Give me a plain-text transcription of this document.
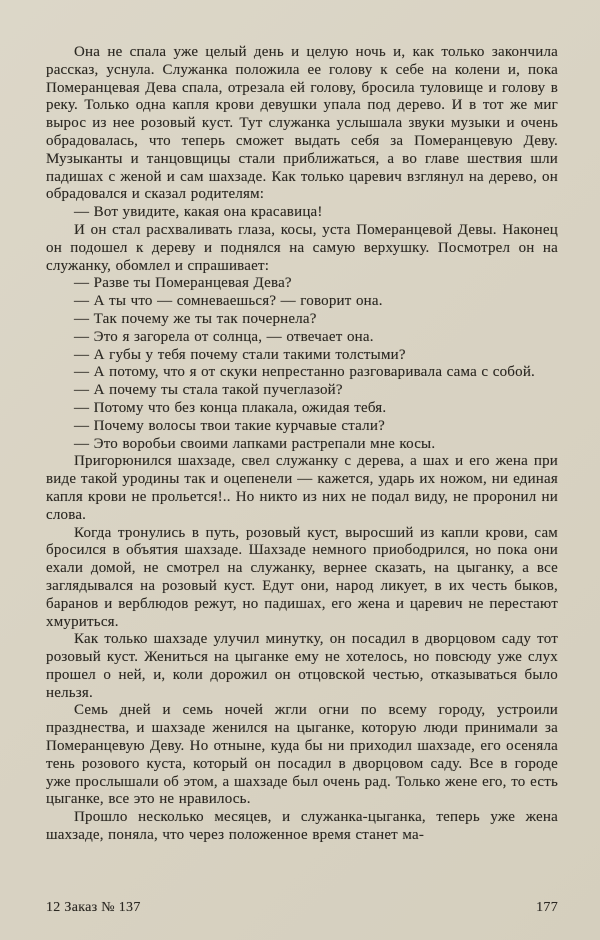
Она не спала уже целый день и целую ночь и, как только закончила рассказ, уснула. Служанка положила ее голову к себе на колени и, пока Померанцевая Дева спала, отрезала ей голову, бросила туловище и голову в реку. Только одна капля крови девушки упала под дерево. И в тот же миг вырос из нее розовый куст. Тут служанка услышала звуки музыки и очень обрадовалась, что теперь сможет выдать себя за Померанцевую Деву. Музыканты и танцовщицы стали приближаться, а во главе шествия шли падишах с женой и сам шахзаде. Как только царевич взглянул на дерево, он обрадовался и сказал родителям:

— Вот увидите, какая она красавица!

И он стал расхваливать глаза, косы, уста Померанцевой Девы. Наконец он подошел к дереву и поднялся на самую верхушку. Посмотрел он на служанку, обомлел и спрашивает:

— Разве ты Померанцевая Дева?

— А ты что — сомневаешься? — говорит она.

— Так почему же ты так почернела?

— Это я загорела от солнца, — отвечает она.

— А губы у тебя почему стали такими толстыми?

— А потому, что я от скуки непрестанно разговаривала сама с собой.

— А почему ты стала такой пучеглазой?

— Потому что без конца плакала, ожидая тебя.

— Почему волосы твои такие курчавые стали?

— Это воробьи своими лапками растрепали мне косы.

Пригорюнился шахзаде, свел служанку с дерева, а шах и его жена при виде такой уродины так и оцепенели — кажется, ударь их ножом, ни единая капля крови не прольется!.. Но никто из них не подал виду, не проронил ни слова.

Когда тронулись в путь, розовый куст, выросший из капли крови, сам бросился в объятия шахзаде. Шахзаде немного приободрился, но пока они ехали домой, не смотрел на служанку, вернее сказать, на цыганку, а все заглядывался на розовый куст. Едут они, народ ликует, в их честь быков, баранов и верблюдов режут, но падишах, его жена и царевич не перестают хмуриться.

Как только шахзаде улучил минутку, он посадил в дворцовом саду тот розовый куст. Жениться на цыганке ему не хотелось, но повсюду уже слух прошел о ней, и, коли дорожил он отцовской честью, отказываться было нельзя.

Семь дней и семь ночей жгли огни по всему городу, устроили празднества, и шахзаде женился на цыганке, которую люди принимали за Померанцевую Деву. Но отныне, куда бы ни приходил шахзаде, его осеняла тень розового куста, который он посадил в дворцовом саду. Все в городе уже прослышали об этом, а шахзаде был очень рад. Только жене его, то есть цыганке, все это не нравилось.

Прошло несколько месяцев, и служанка-цыганка, теперь уже жена шахзаде, поняла, что через положенное время станет ма-

12 Заказ № 137	177
